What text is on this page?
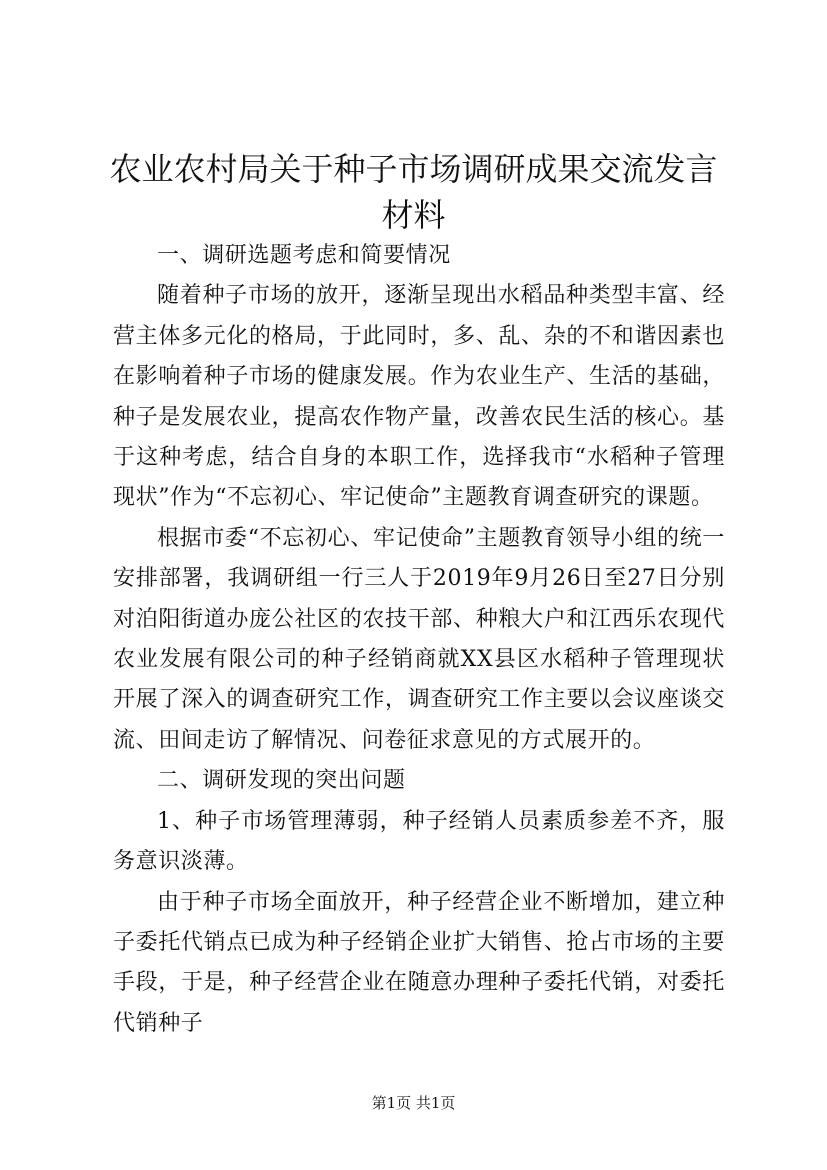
农业农村局关于种子市场调研成果交流发言材料

一、调研选题考虑和简要情况

随着种子市场的放开，逐渐呈现出水稻品种类型丰富、经营主体多元化的格局，于此同时，多、乱、杂的不和谐因素也在影响着种子市场的健康发展。作为农业生产、生活的基础，种子是发展农业，提高农作物产量，改善农民生活的核心。基于这种考虑，结合自身的本职工作，选择我市“水稻种子管理现状”作为“不忘初心、牢记使命”主题教育调查研究的课题。

根据市委“不忘初心、牢记使命”主题教育领导小组的统一安排部署，我调研组一行三人于2019年9月26日至27日分别对泊阳街道办庞公社区的农技干部、种粮大户和江西乐农现代农业发展有限公司的种子经销商就XX县区水稻种子管理现状开展了深入的调查研究工作，调查研究工作主要以会议座谈交流、田间走访了解情况、问卷征求意见的方式展开的。

二、调研发现的突出问题

1、种子市场管理薄弱，种子经销人员素质参差不齐，服务意识淡薄。

由于种子市场全面放开，种子经营企业不断增加，建立种子委托代销点已成为种子经销企业扩大销售、抢占市场的主要手段，于是，种子经营企业在随意办理种子委托代销，对委托代销种子

第1页 共1页
